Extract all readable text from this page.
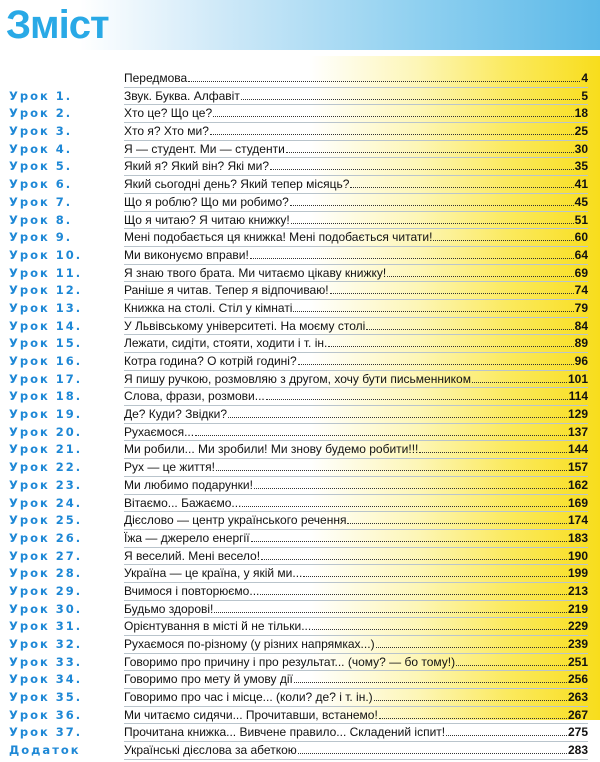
Зміст
Передмова	4
Урок 1.	Звук. Буква. Алфавіт	5
Урок 2.	Хто це? Що це?	18
Урок 3.	Хто я? Хто ми?	25
Урок 4.	Я — студент. Ми — студенти	30
Урок 5.	Який я? Який він? Які ми?	35
Урок 6.	Який сьогодні день? Який тепер місяць?	41
Урок 7.	Що я роблю? Що ми робимо?	45
Урок 8.	Що я читаю? Я читаю книжку!	51
Урок 9.	Мені подобається ця книжка! Мені подобається читати!	60
Урок 10.	Ми виконуємо вправи!	64
Урок 11.	Я знаю твого брата. Ми читаємо цікаву книжку!	69
Урок 12.	Раніше я читав. Тепер я відпочиваю!	74
Урок 13.	Книжка на столі. Стіл у кімнаті	79
Урок 14.	У Львівському університеті. На моєму столі	84
Урок 15.	Лежати, сидіти, стояти, ходити і т. ін.	89
Урок 16.	Котра година? О котрій годині?	96
Урок 17.	Я пишу ручкою, розмовляю з другом, хочу бути письменником	101
Урок 18.	Слова, фрази, розмови...	114
Урок 19.	Де? Куди? Звідки?	129
Урок 20.	Рухаємося...	137
Урок 21.	Ми робили... Ми зробили! Ми знову будемо робити!!!	144
Урок 22.	Рух — це життя!	157
Урок 23.	Ми любимо подарунки!	162
Урок 24.	Вітаємо... Бажаємо...	169
Урок 25.	Дієслово — центр українського речення	174
Урок 26.	Їжа — джерело енергії	183
Урок 27.	Я веселий. Мені весело!	190
Урок 28.	Україна — це країна, у якій ми...	199
Урок 29.	Вчимося і повторюємо...	213
Урок 30.	Будьмо здорові!	219
Урок 31.	Орієнтування в місті й не тільки...	229
Урок 32.	Рухаємося по-різному (у різних напрямках...)	239
Урок 33.	Говоримо про причину і про результат... (чому? — бо тому!)	251
Урок 34.	Говоримо про мету й умову дії	256
Урок 35.	Говоримо про час і місце... (коли? де? і т. ін.)	263
Урок 36.	Ми читаємо сидячи... Прочитавши, встанемо!	267
Урок 37.	Прочитана книжка... Вивчене правило... Складений іспит!	275
Додаток	Українські дієслова за абеткою	283
